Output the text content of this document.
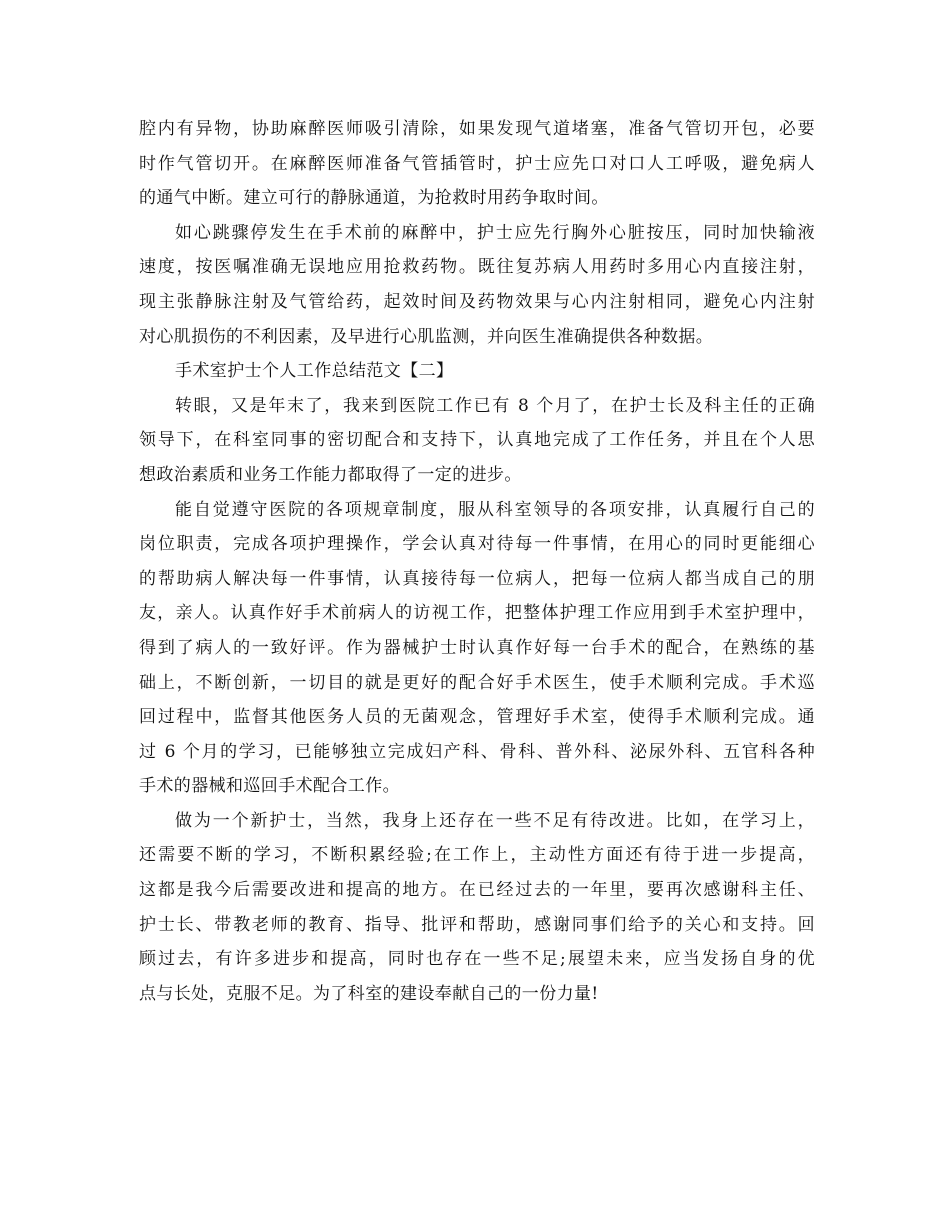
腔内有异物，协助麻醉医师吸引清除，如果发现气道堵塞，准备气管切开包，必要
时作气管切开。在麻醉医师准备气管插管时，护士应先口对口人工呼吸，避免病人
的通气中断。建立可行的静脉通道，为抢救时用药争取时间。
如心跳骤停发生在手术前的麻醉中，护士应先行胸外心脏按压，同时加快输液
速度，按医嘱准确无误地应用抢救药物。既往复苏病人用药时多用心内直接注射，
现主张静脉注射及气管给药，起效时间及药物效果与心内注射相同，避免心内注射
对心肌损伤的不利因素，及早进行心肌监测，并向医生准确提供各种数据。
手术室护士个人工作总结范文【二】
转眼，又是年末了，我来到医院工作已有 8 个月了，在护士长及科主任的正确
领导下，在科室同事的密切配合和支持下，认真地完成了工作任务，并且在个人思
想政治素质和业务工作能力都取得了一定的进步。
能自觉遵守医院的各项规章制度，服从科室领导的各项安排，认真履行自己的
岗位职责，完成各项护理操作，学会认真对待每一件事情，在用心的同时更能细心
的帮助病人解决每一件事情，认真接待每一位病人，把每一位病人都当成自己的朋
友，亲人。认真作好手术前病人的访视工作，把整体护理工作应用到手术室护理中，
得到了病人的一致好评。作为器械护士时认真作好每一台手术的配合，在熟练的基
础上，不断创新，一切目的就是更好的配合好手术医生，使手术顺利完成。手术巡
回过程中，监督其他医务人员的无菌观念，管理好手术室，使得手术顺利完成。通
过 6 个月的学习，已能够独立完成妇产科、骨科、普外科、泌尿外科、五官科各种
手术的器械和巡回手术配合工作。
做为一个新护士，当然，我身上还存在一些不足有待改进。比如，在学习上，
还需要不断的学习，不断积累经验;在工作上，主动性方面还有待于进一步提高，
这都是我今后需要改进和提高的地方。在已经过去的一年里，要再次感谢科主任、
护士长、带教老师的教育、指导、批评和帮助，感谢同事们给予的关心和支持。回
顾过去，有许多进步和提高，同时也存在一些不足;展望未来，应当发扬自身的优
点与长处，克服不足。为了科室的建设奉献自己的一份力量!
